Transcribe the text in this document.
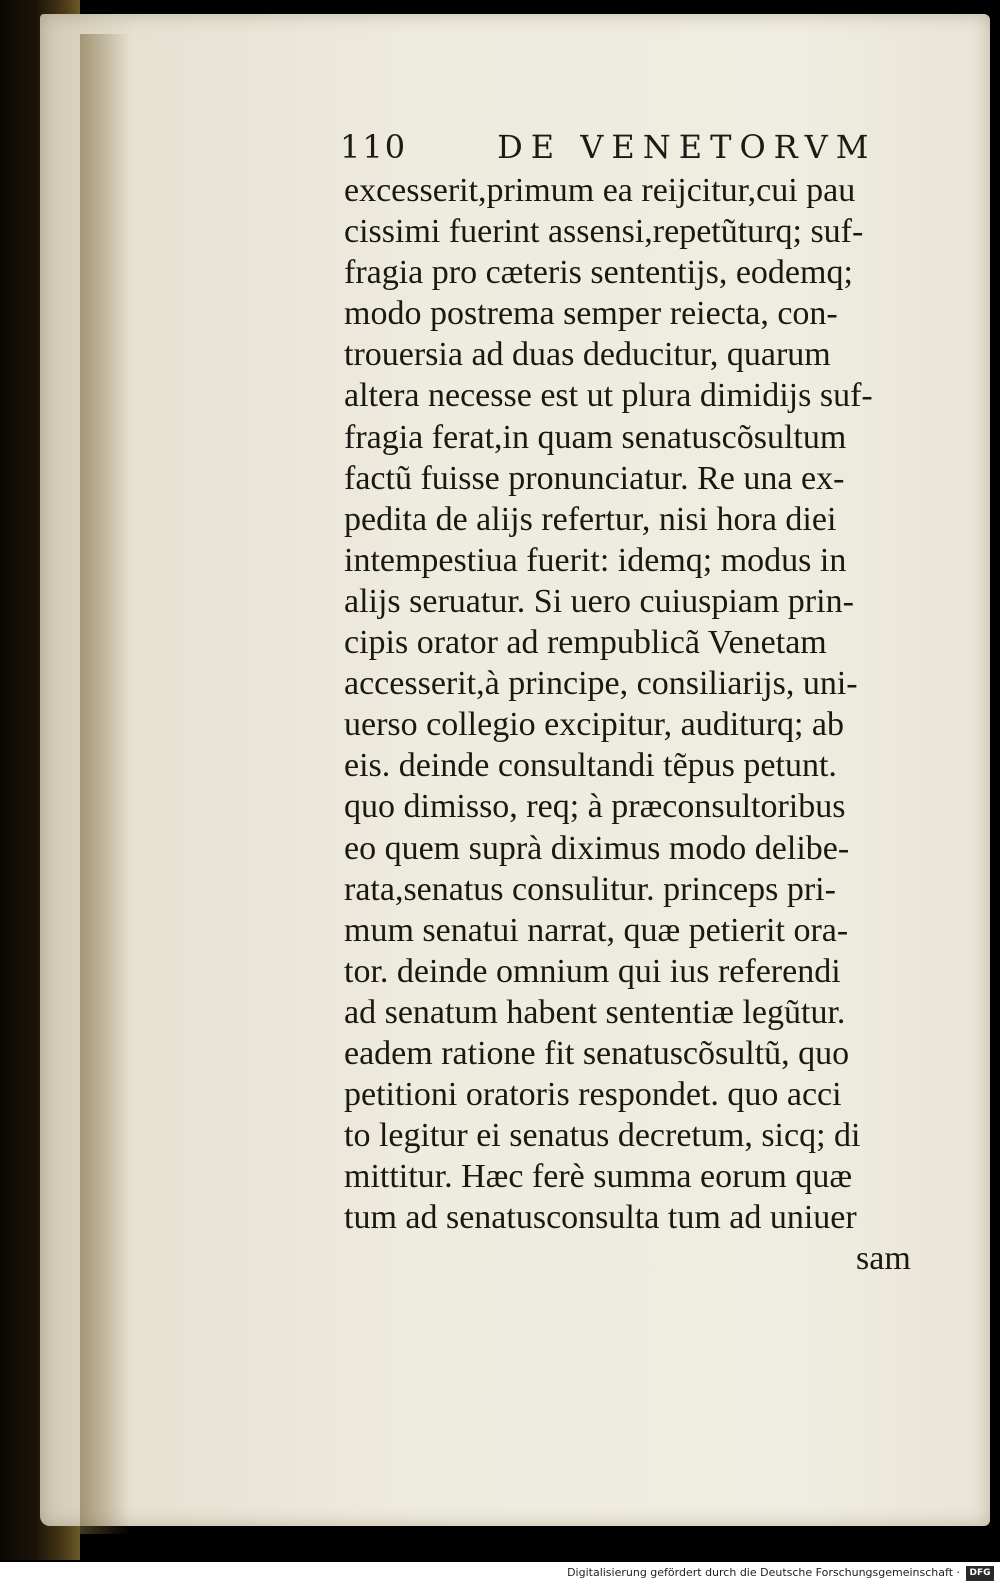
110	DE VENETORVM
excesserit,primum ea reijcitur,cui pau
cissimi fuerint assensi,repetũturq; suf-
fragia pro cæteris sententijs, eodemq;
modo postrema semper reiecta, con-
trouersia ad duas deducitur, quarum
altera necesse est ut plura dimidijs suf-
fragia ferat,in quam senatuscõsultum
factũ fuisse pronunciatur. Re una ex-
pedita de alijs refertur, nisi hora diei
intempestiua fuerit: idemq; modus in
alijs seruatur. Si uero cuiuspiam prin-
cipis orator ad rempublicã Venetam
accesserit,à principe, consiliarijs, uni-
uerso collegio excipitur, auditurq; ab
eis. deinde consultandi tẽpus petunt.
quo dimisso, req; à præconsultoribus
eo quem suprà diximus modo delibe-
rata,senatus consulitur. princeps pri-
mum senatui narrat, quæ petierit ora-
tor. deinde omnium qui ius referendi
ad senatum habent sententiæ legũtur.
eadem ratione fit senatuscõsultũ, quo
petitioni oratoris respondet. quo acci
to legitur ei senatus decretum, sicq; di
mittitur. Hæc ferè summa eorum quæ
tum ad senatusconsulta tum ad uniuer
sam
Digitalisierung gefördert durch die Deutsche Forschungsgemeinschaft ·	DFG
